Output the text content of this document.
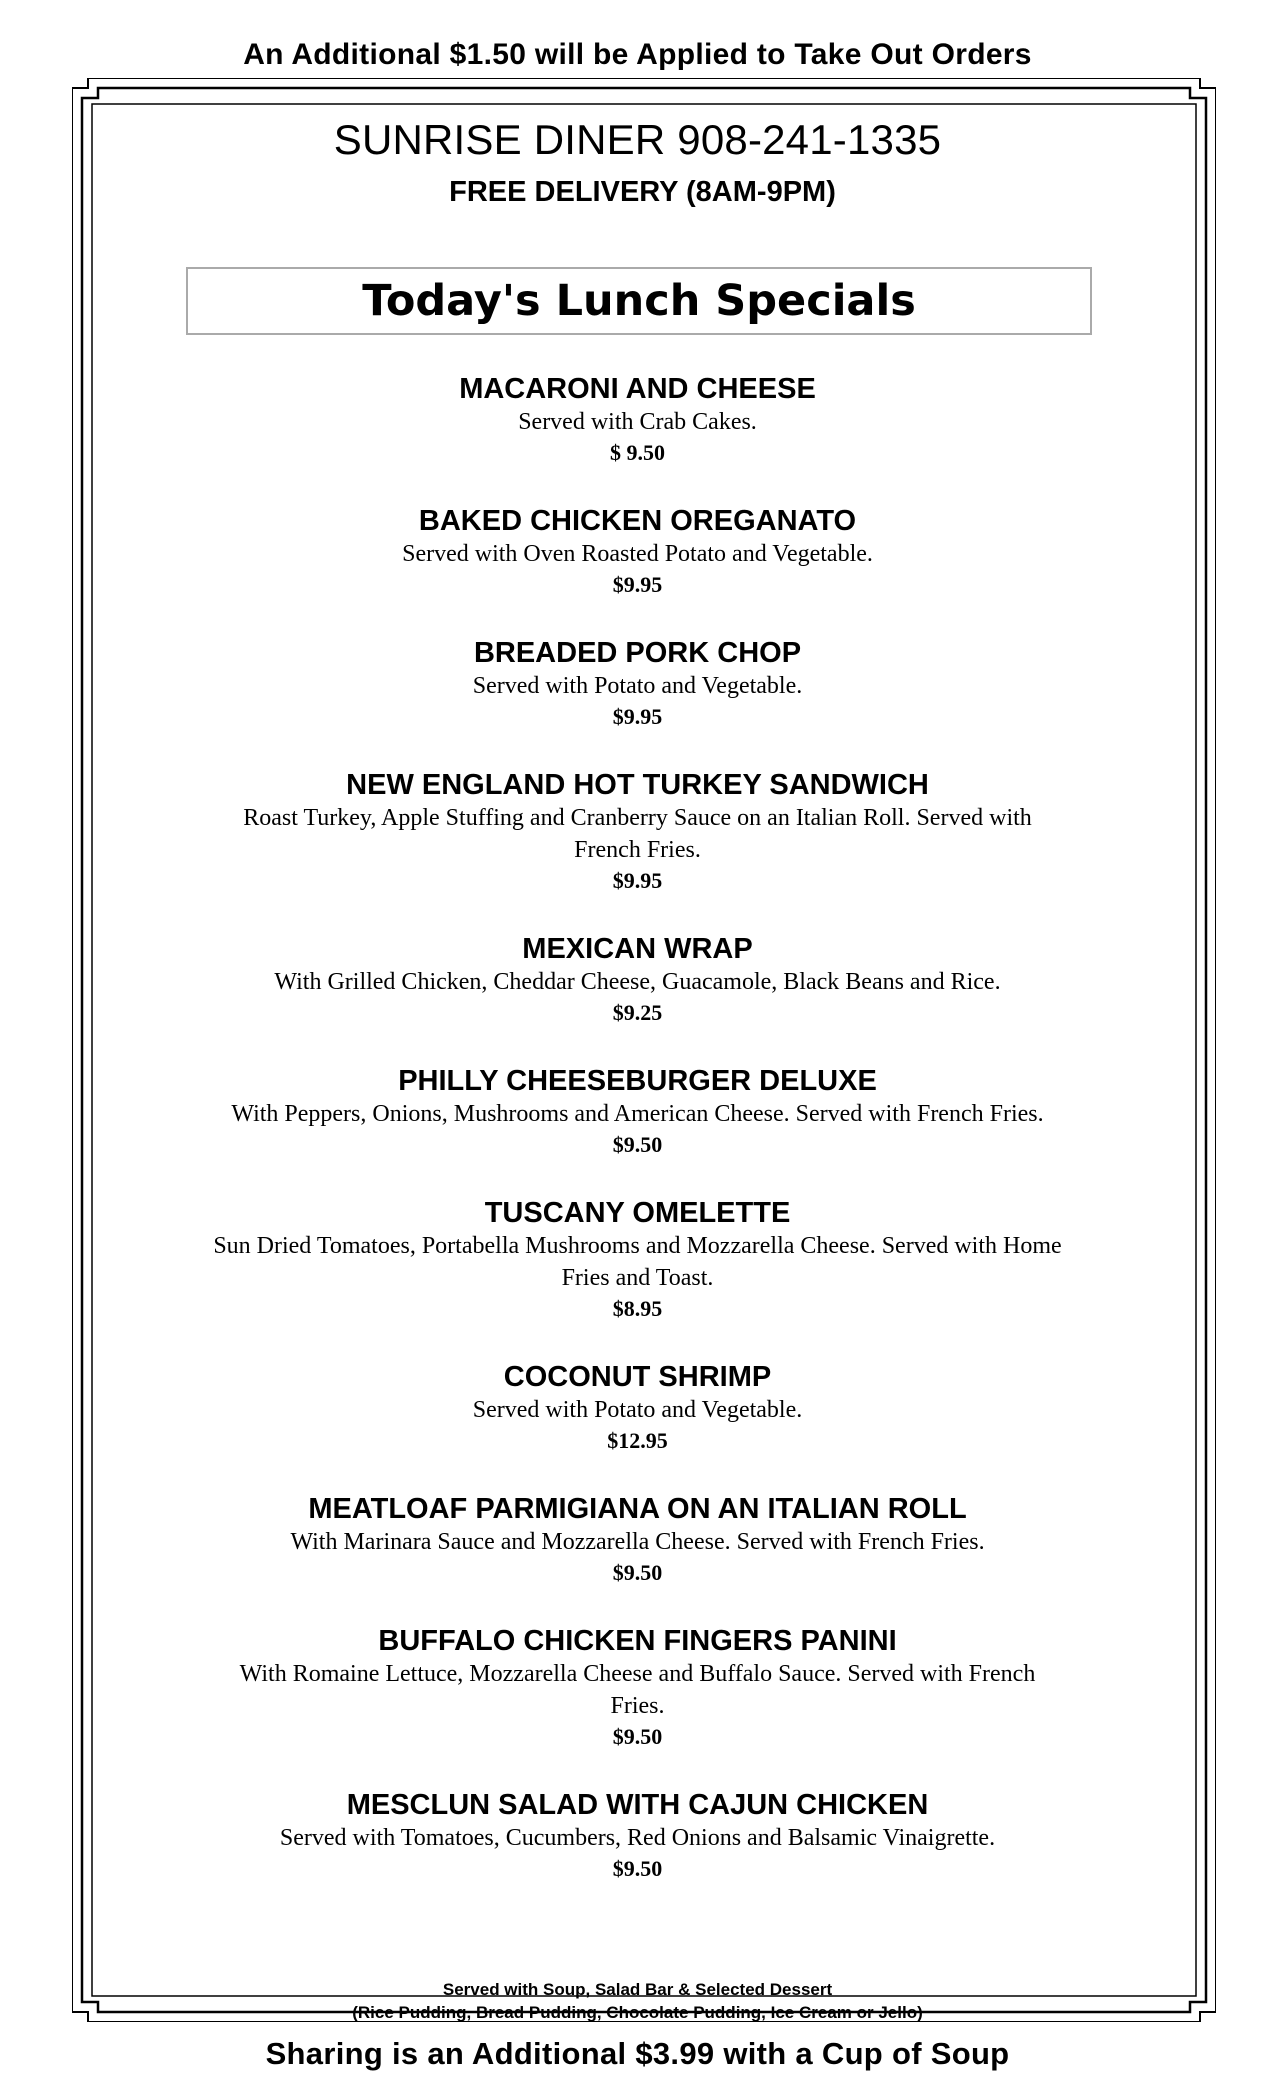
An Additional $1.50 will be Applied to Take Out Orders
SUNRISE DINER 908-241-1335
FREE DELIVERY (8AM-9PM)
Today's Lunch Specials
MACARONI AND CHEESE
Served with Crab Cakes.
$ 9.50
BAKED CHICKEN OREGANATO
Served with Oven Roasted Potato and Vegetable.
$9.95
BREADED PORK CHOP
Served with Potato and Vegetable.
$9.95
NEW ENGLAND HOT TURKEY SANDWICH
Roast Turkey, Apple Stuffing and Cranberry Sauce on an Italian Roll. Served with French Fries.
$9.95
MEXICAN WRAP
With Grilled Chicken, Cheddar Cheese, Guacamole, Black Beans and Rice.
$9.25
PHILLY CHEESEBURGER DELUXE
With Peppers, Onions, Mushrooms and American Cheese. Served with French Fries.
$9.50
TUSCANY OMELETTE
Sun Dried Tomatoes, Portabella Mushrooms and Mozzarella Cheese. Served with Home Fries and Toast.
$8.95
COCONUT SHRIMP
Served with Potato and Vegetable.
$12.95
MEATLOAF PARMIGIANA ON AN ITALIAN ROLL
With Marinara Sauce and Mozzarella Cheese. Served with French Fries.
$9.50
BUFFALO CHICKEN FINGERS PANINI
With Romaine Lettuce, Mozzarella Cheese and Buffalo Sauce. Served with French Fries.
$9.50
MESCLUN SALAD WITH CAJUN CHICKEN
Served with Tomatoes, Cucumbers, Red Onions and Balsamic Vinaigrette.
$9.50
Served with Soup, Salad Bar & Selected Dessert
(Rice Pudding, Bread Pudding, Chocolate Pudding, Ice Cream or Jello)
Sharing is an Additional $3.99 with a Cup of Soup
